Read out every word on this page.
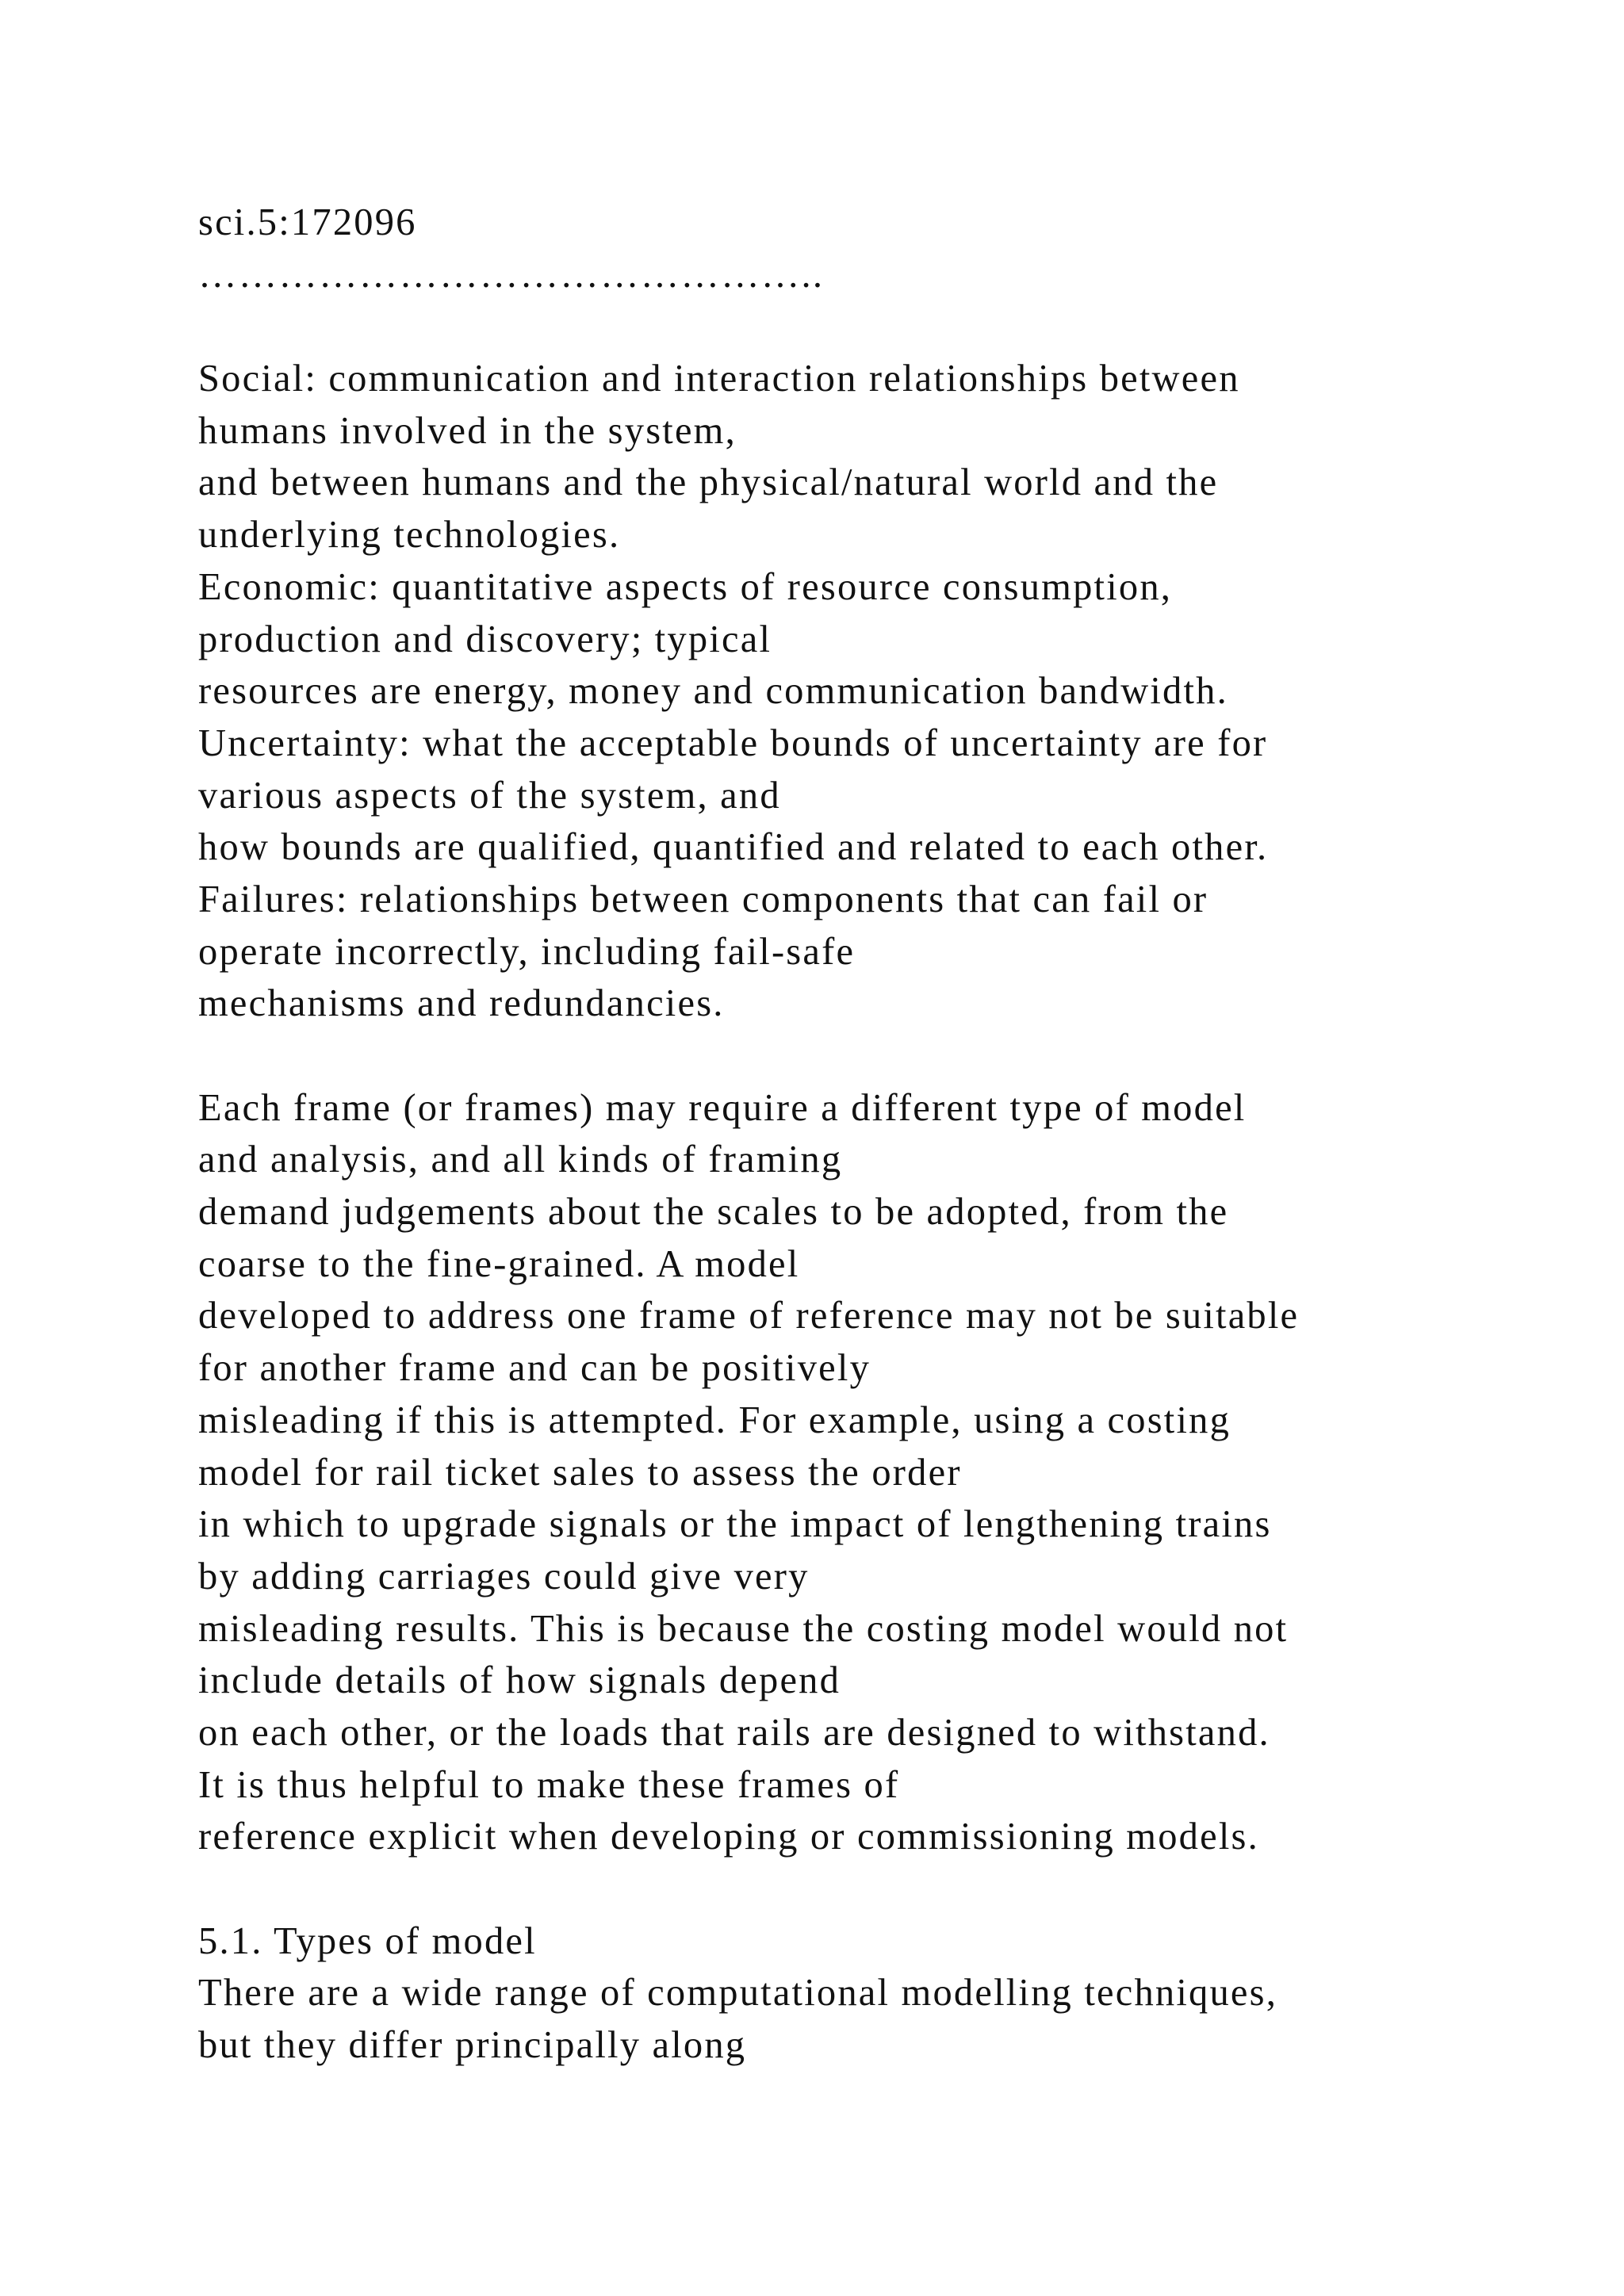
sci.5:172096
………………………………………..
Social: communication and interaction relationships between
humans involved in the system,
and between humans and the physical/natural world and the
underlying technologies.
Economic: quantitative aspects of resource consumption,
production and discovery; typical
resources are energy, money and communication bandwidth.
Uncertainty: what the acceptable bounds of uncertainty are for
various aspects of the system, and
how bounds are qualified, quantified and related to each other.
Failures: relationships between components that can fail or
operate incorrectly, including fail-safe
mechanisms and redundancies.
Each frame (or frames) may require a different type of model
and analysis, and all kinds of framing
demand judgements about the scales to be adopted, from the
coarse to the fine-grained. A model
developed to address one frame of reference may not be suitable
for another frame and can be positively
misleading if this is attempted. For example, using a costing
model for rail ticket sales to assess the order
in which to upgrade signals or the impact of lengthening trains
by adding carriages could give very
misleading results. This is because the costing model would not
include details of how signals depend
on each other, or the loads that rails are designed to withstand.
It is thus helpful to make these frames of
reference explicit when developing or commissioning models.
5.1. Types of model
There are a wide range of computational modelling techniques,
but they differ principally along
